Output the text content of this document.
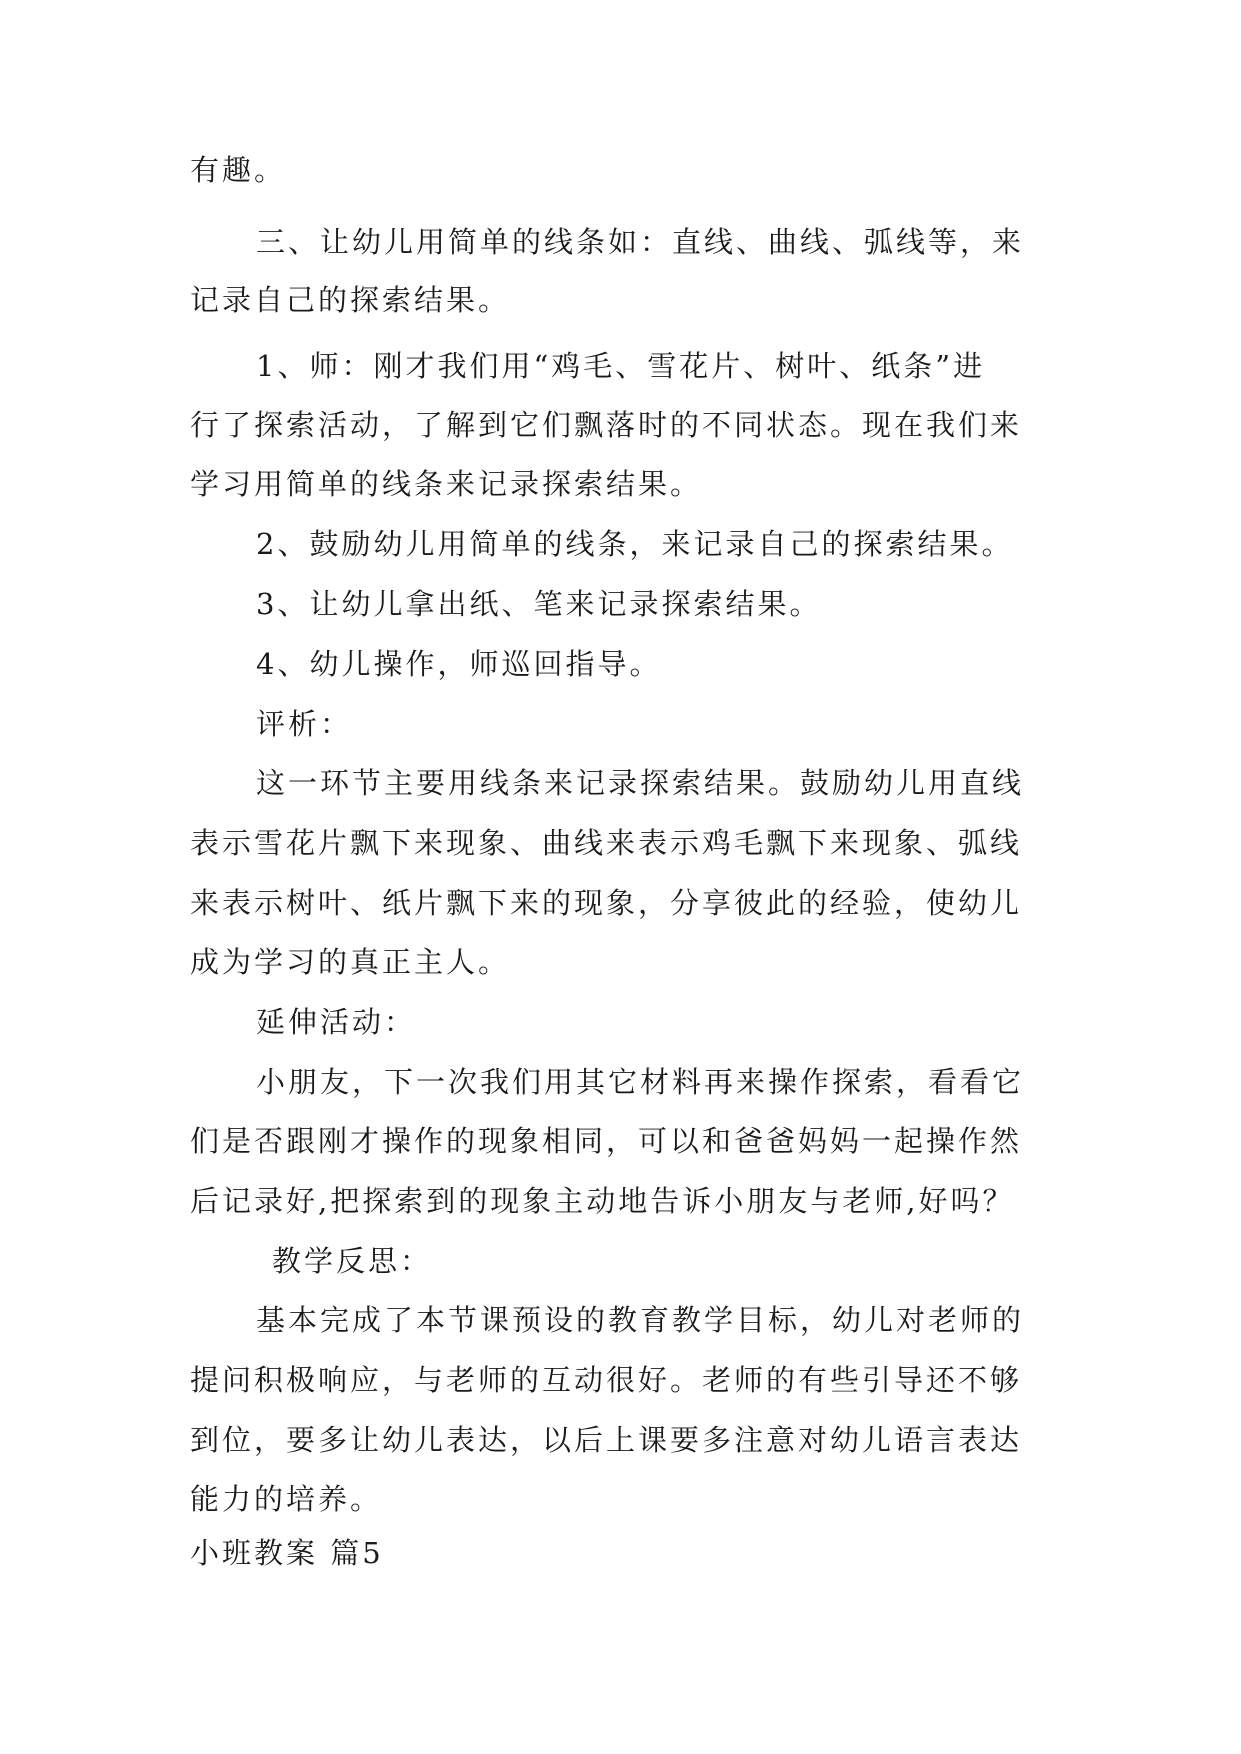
有趣。
三、让幼儿用简单的线条如：直线、曲线、弧线等，来
记录自己的探索结果。
1、师：刚才我们用“鸡毛、雪花片、树叶、纸条”进
行了探索活动，了解到它们飘落时的不同状态。现在我们来
学习用简单的线条来记录探索结果。
2、鼓励幼儿用简单的线条，来记录自己的探索结果。
3、让幼儿拿出纸、笔来记录探索结果。
4、幼儿操作，师巡回指导。
评析：
这一环节主要用线条来记录探索结果。鼓励幼儿用直线
表示雪花片飘下来现象、曲线来表示鸡毛飘下来现象、弧线
来表示树叶、纸片飘下来的现象，分享彼此的经验，使幼儿
成为学习的真正主人。
延伸活动：
小朋友，下一次我们用其它材料再来操作探索，看看它
们是否跟刚才操作的现象相同，可以和爸爸妈妈一起操作然
后记录好,把探索到的现象主动地告诉小朋友与老师,好吗？
教学反思：
基本完成了本节课预设的教育教学目标，幼儿对老师的
提问积极响应，与老师的互动很好。老师的有些引导还不够
到位，要多让幼儿表达，以后上课要多注意对幼儿语言表达
能力的培养。
小班教案 篇5
